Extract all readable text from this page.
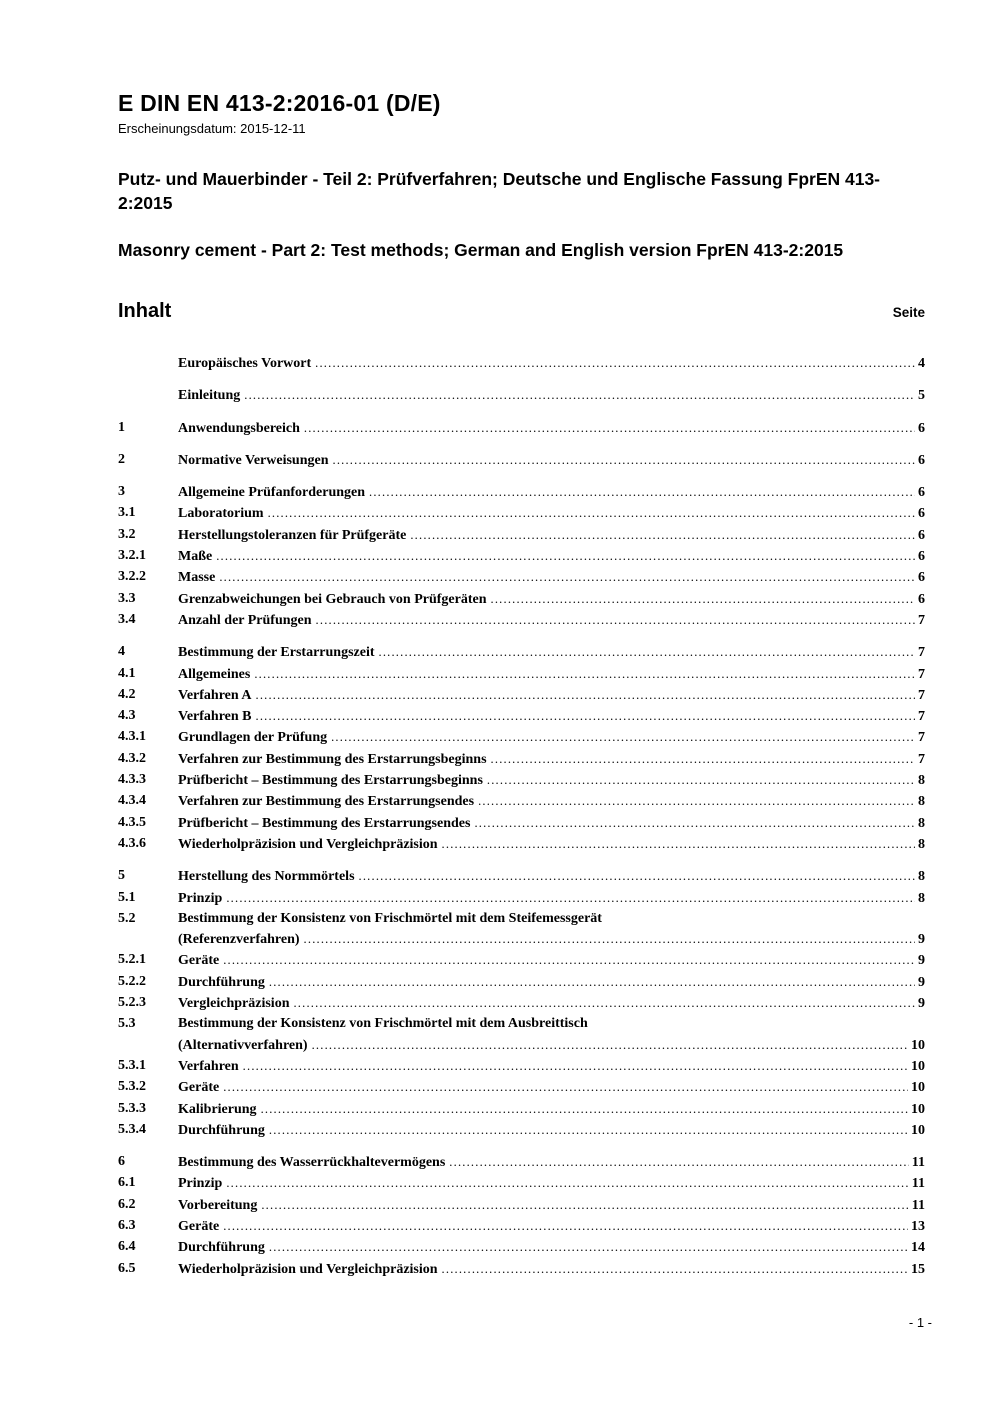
E DIN EN 413-2:2016-01 (D/E)
Erscheinungsdatum: 2015-12-11

Putz- und Mauerbinder - Teil 2: Prüfverfahren; Deutsche und Englische Fassung FprEN 413-2:2015

Masonry cement - Part 2: Test methods; German and English version FprEN 413-2:2015

Inhalt	Seite
Europäisches Vorwort .....	4
Einleitung .....	5
1	Anwendungsbereich .....	6
2	Normative Verweisungen .....	6
3	Allgemeine Prüfanforderungen .....	6
3.1	Laboratorium .....	6
3.2	Herstellungstoleranzen für Prüfgeräte .....	6
3.2.1	Maße .....	6
3.2.2	Masse .....	6
3.3	Grenzabweichungen bei Gebrauch von Prüfgeräten .....	6
3.4	Anzahl der Prüfungen .....	7
4	Bestimmung der Erstarrungszeit .....	7
4.1	Allgemeines .....	7
4.2	Verfahren A .....	7
4.3	Verfahren B .....	7
4.3.1	Grundlagen der Prüfung .....	7
4.3.2	Verfahren zur Bestimmung des Erstarrungsbeginns .....	7
4.3.3	Prüfbericht – Bestimmung des Erstarrungsbeginns .....	8
4.3.4	Verfahren zur Bestimmung des Erstarrungsendes .....	8
4.3.5	Prüfbericht – Bestimmung des Erstarrungsendes .....	8
4.3.6	Wiederholpräzision und Vergleichpräzision .....	8
5	Herstellung des Normmörtels .....	8
5.1	Prinzip .....	8
5.2	Bestimmung der Konsistenz von Frischmörtel mit dem Steifemessgerät
(Referenzverfahren) .....	9
5.2.1	Geräte .....	9
5.2.2	Durchführung .....	9
5.2.3	Vergleichpräzision .....	9
5.3	Bestimmung der Konsistenz von Frischmörtel mit dem Ausbreittisch
(Alternativverfahren) .....	10
5.3.1	Verfahren .....	10
5.3.2	Geräte .....	10
5.3.3	Kalibrierung .....	10
5.3.4	Durchführung .....	10
6	Bestimmung des Wasserrückhaltevermögens .....	11
6.1	Prinzip .....	11
6.2	Vorbereitung .....	11
6.3	Geräte .....	13
6.4	Durchführung .....	14
6.5	Wiederholpräzision und Vergleichpräzision .....	15
- 1 -
